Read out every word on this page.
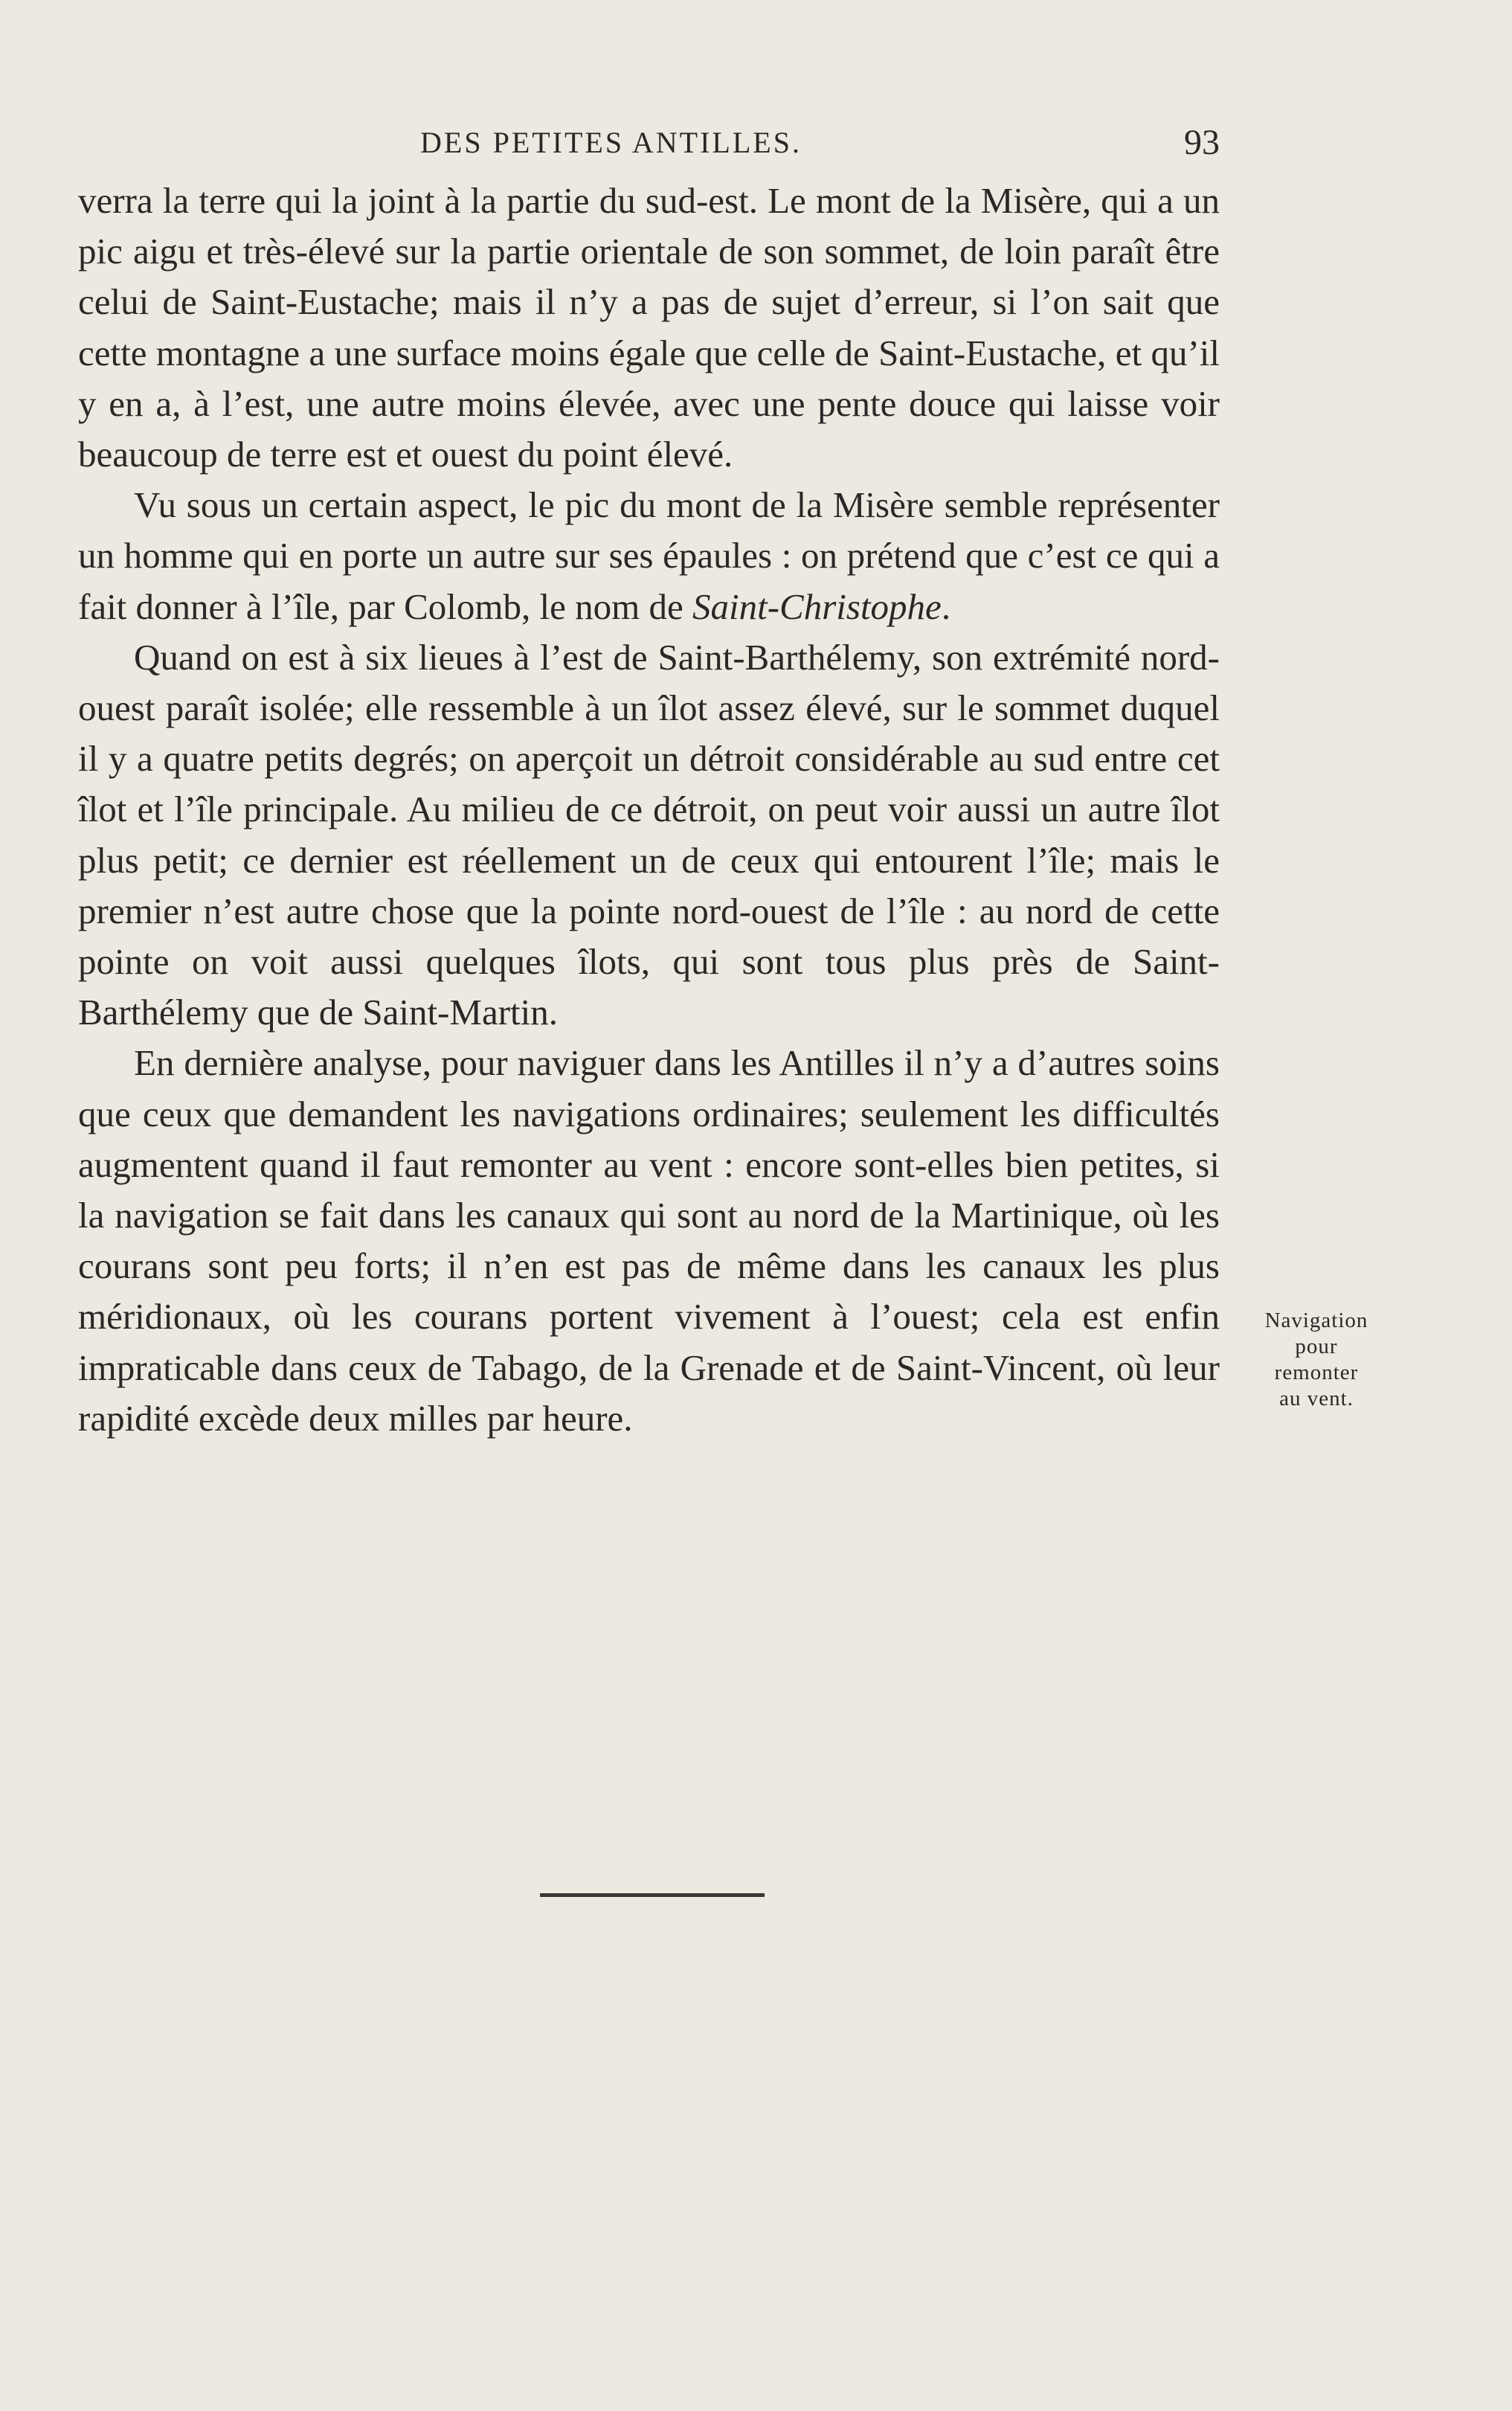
DES PETITES ANTILLES.	93

verra la terre qui la joint à la partie du sud-est. Le mont de la Misère, qui a un pic aigu et très-élevé sur la partie orientale de son sommet, de loin paraît être celui de Saint-Eustache; mais il n’y a pas de sujet d’erreur, si l’on sait que cette montagne a une surface moins égale que celle de Saint-Eustache, et qu’il y en a, à l’est, une autre moins élevée, avec une pente douce qui laisse voir beaucoup de terre est et ouest du point élevé.

Vu sous un certain aspect, le pic du mont de la Misère semble représenter un homme qui en porte un autre sur ses épaules : on prétend que c’est ce qui a fait donner à l’île, par Colomb, le nom de Saint-Christophe.

Quand on est à six lieues à l’est de Saint-Barthélemy, son extrémité nord-ouest paraît isolée; elle ressemble à un îlot assez élevé, sur le sommet duquel il y a quatre petits degrés; on aperçoit un détroit considérable au sud entre cet îlot et l’île principale. Au milieu de ce détroit, on peut voir aussi un autre îlot plus petit; ce dernier est réellement un de ceux qui entourent l’île; mais le premier n’est autre chose que la pointe nord-ouest de l’île : au nord de cette pointe on voit aussi quelques îlots, qui sont tous plus près de Saint-Barthélemy que de Saint-Martin.

En dernière analyse, pour naviguer dans les Antilles il n’y a d’autres soins que ceux que demandent les navigations ordinaires; seulement les difficultés augmentent quand il faut remonter au vent : encore sont-elles bien petites, si la navigation se fait dans les canaux qui sont au nord de la Martinique, où les courans sont peu forts; il n’en est pas de même dans les canaux les plus méridionaux, où les courans portent vivement à l’ouest; cela est enfin impraticable dans ceux de Tabago, de la Grenade et de Saint-Vincent, où leur rapidité excède deux milles par heure.

Navigation
pour
remonter
au vent.
